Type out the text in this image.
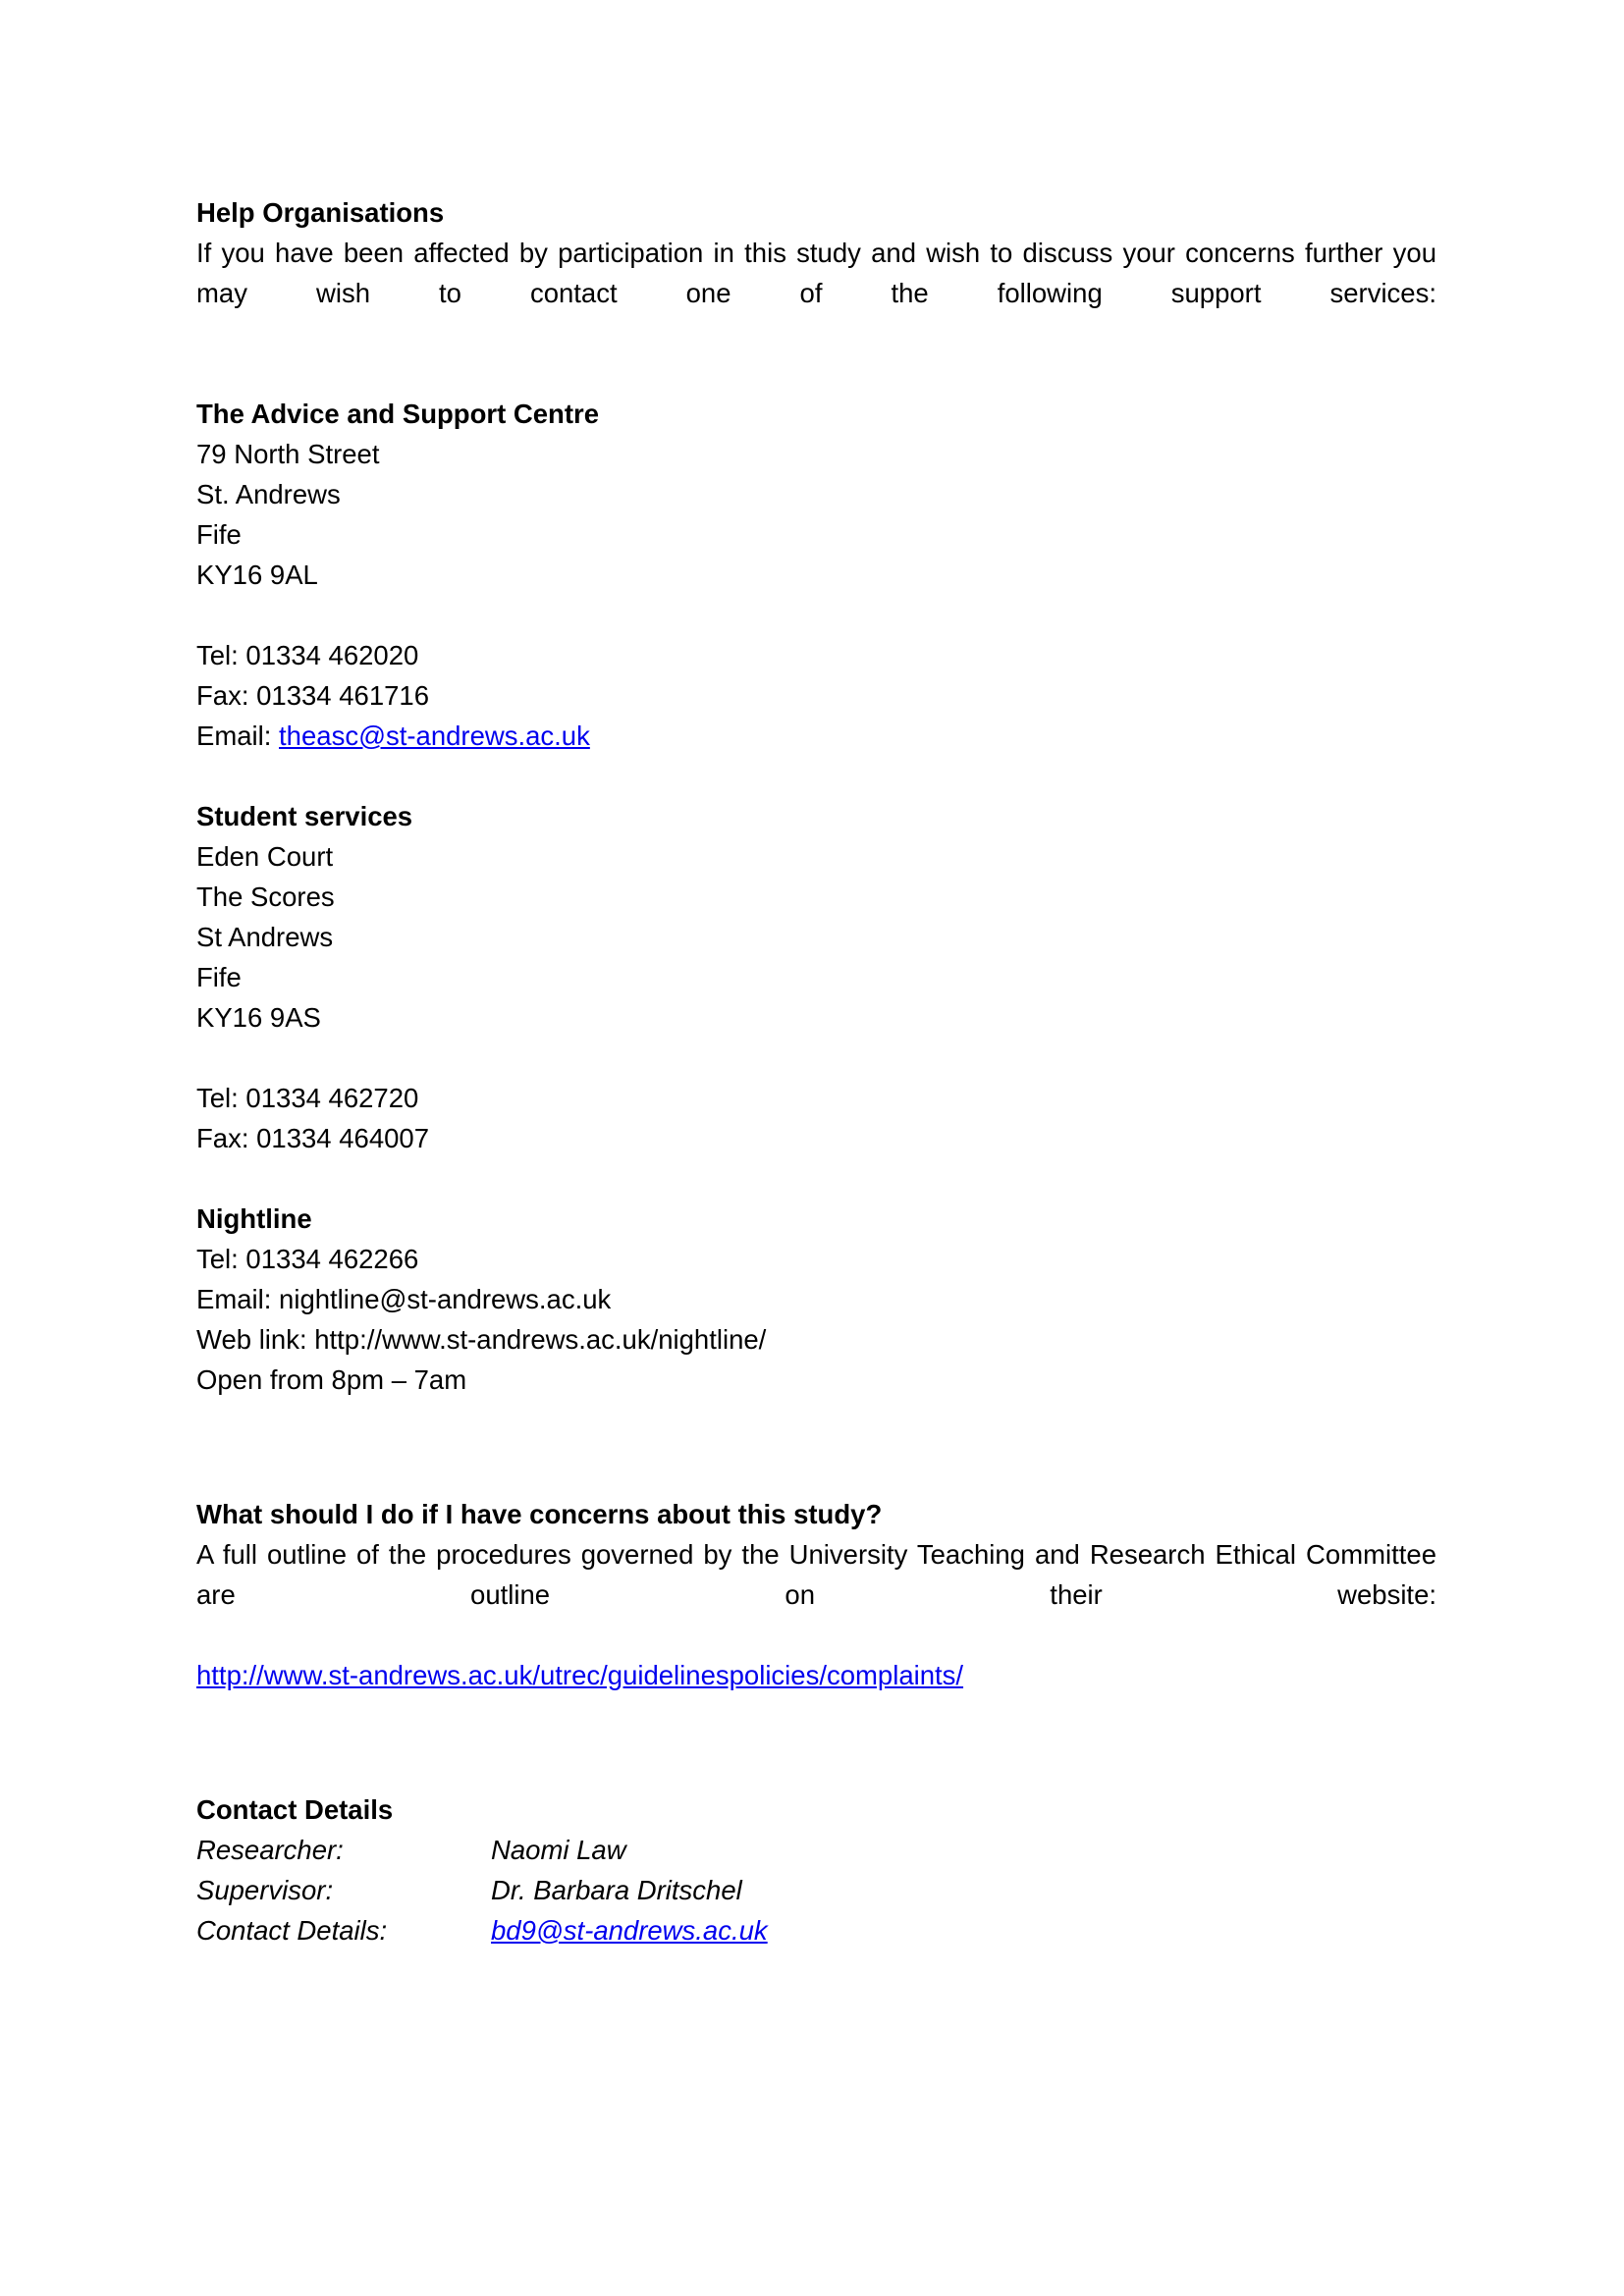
Help Organisations
If you have been affected by participation in this study and wish to discuss your concerns further you may wish to contact one of the following support services:
The Advice and Support Centre
79 North Street
St. Andrews
Fife
KY16 9AL
Tel: 01334 462020
Fax: 01334 461716
Email: theasc@st-andrews.ac.uk
Student services
Eden Court
The Scores
St Andrews
Fife
KY16 9AS
Tel: 01334 462720
Fax: 01334 464007
Nightline
Tel: 01334 462266
Email: nightline@st-andrews.ac.uk
Web link: http://www.st-andrews.ac.uk/nightline/
Open from 8pm – 7am
What should I do if I have concerns about this study?
A full outline of the procedures governed by the University Teaching and Research Ethical Committee are outline on their website:
http://www.st-andrews.ac.uk/utrec/guidelinespolicies/complaints/
Contact Details
Researcher:	Naomi Law
Supervisor:	Dr. Barbara Dritschel
Contact Details:	bd9@st-andrews.ac.uk
